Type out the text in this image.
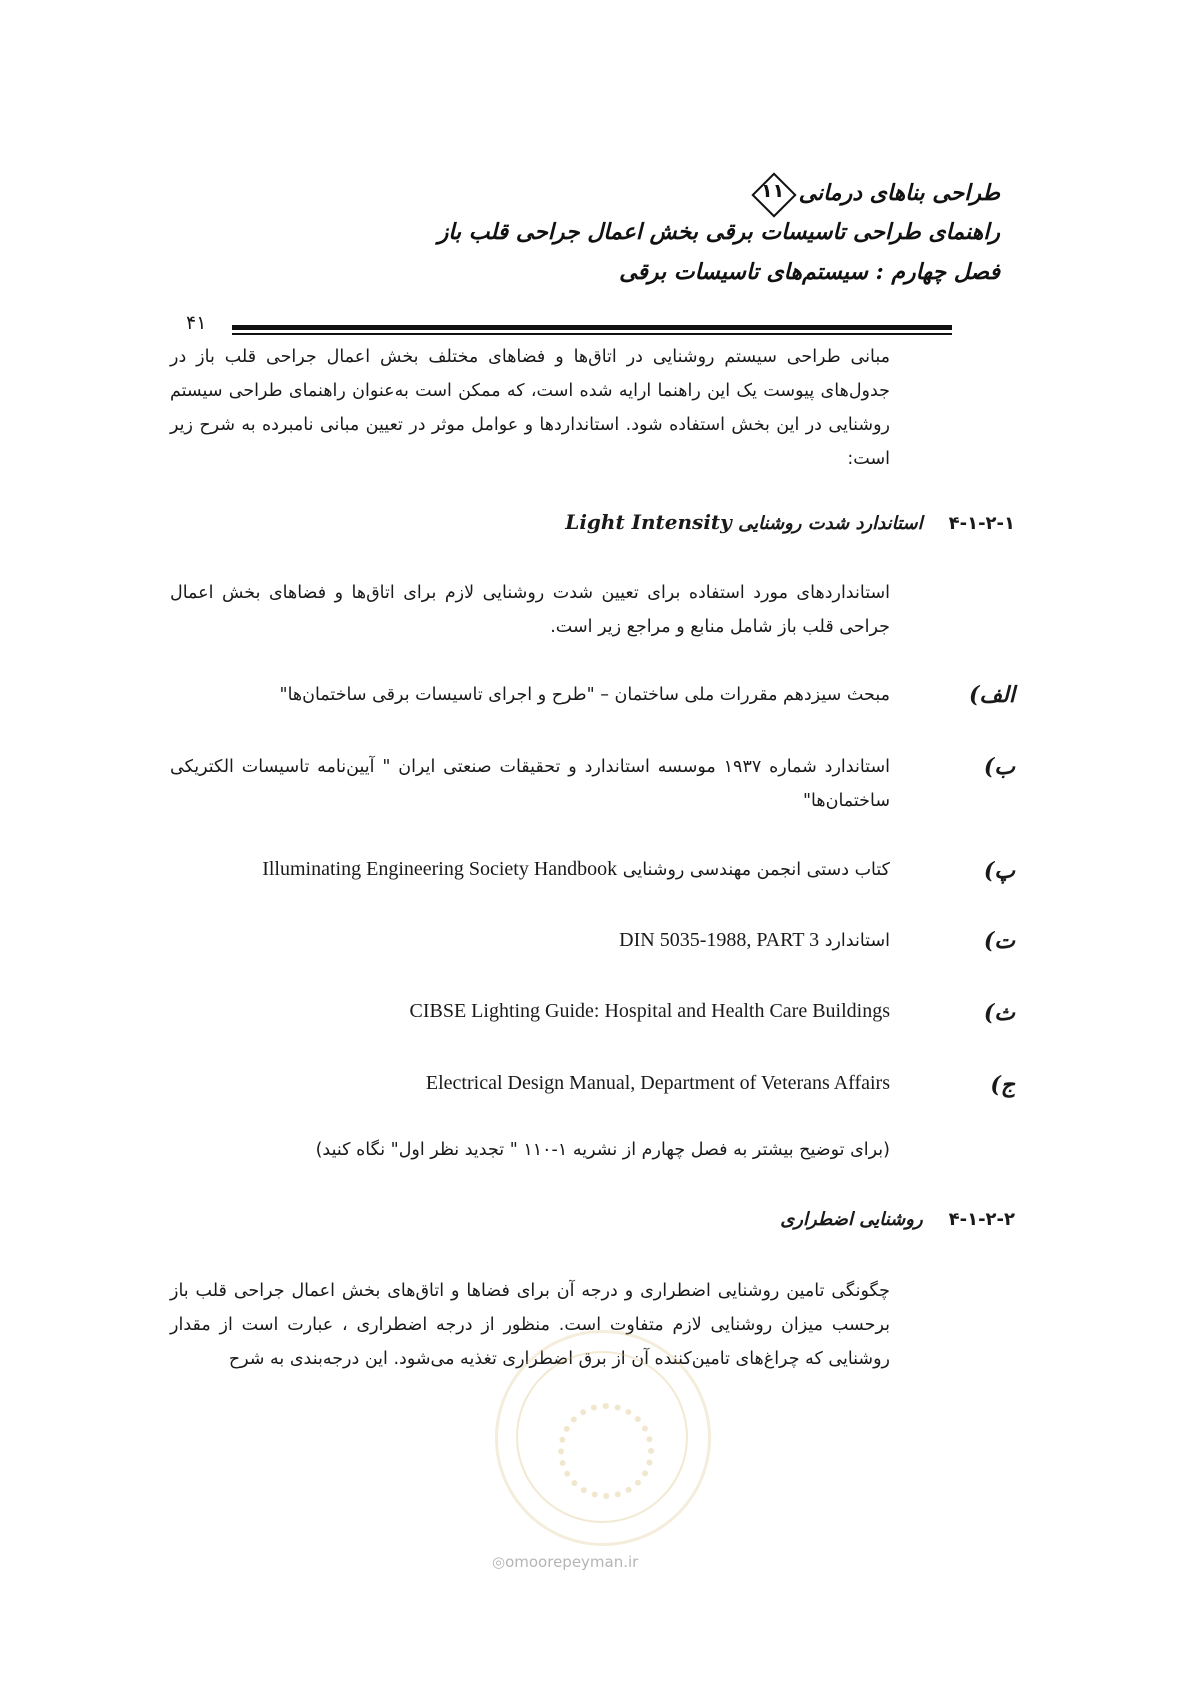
طراحی بناهای درمانی
۱۱
راهنمای طراحی تاسیسات برقی بخش اعمال جراحی قلب باز
فصل چهارم : سیستم‌های تاسیسات برقی
۴۱
مبانی طراحی سیستم روشنایی در اتاق‌ها و فضاهای مختلف بخش اعمال جراحی قلب باز در جدول‌های پیوست یک این راهنما ارایه شده است، که ممکن است به‌عنوان راهنمای طراحی سیستم روشنایی در این بخش استفاده شود. استانداردها و عوامل موثر در تعیین مبانی نامبرده به شرح زیر است:
۴-۱-۲-۱استاندارد شدت روشنایی Light Intensity
استانداردهای مورد استفاده برای تعیین شدت روشنایی لازم برای اتاق‌ها و فضاهای بخش اعمال جراحی قلب باز شامل منابع و مراجع زیر است.
الف)
مبحث سیزدهم مقررات ملی ساختمان – "طرح و اجرای تاسیسات برقی ساختمان‌ها"
ب)
استاندارد شماره ۱۹۳۷ موسسه استاندارد و تحقیقات صنعتی ایران " آیین‌نامه تاسیسات الکتریکی ساختمان‌ها"
پ)
کتاب دستی انجمن مهندسی روشنایی Illuminating Engineering Society Handbook
ت)
استاندارد DIN 5035-1988, PART 3
ث)
CIBSE Lighting Guide: Hospital and Health Care Buildings
ج)
Electrical Design Manual, Department of Veterans Affairs
(برای توضیح بیشتر به فصل چهارم از نشریه ۱-۱۱۰ " تجدید نظر اول" نگاه کنید)
۴-۱-۲-۲روشنایی اضطراری
چگونگی تامین روشنایی اضطراری و درجه آن برای فضاها و اتاق‌های بخش اعمال جراحی قلب باز برحسب میزان روشنایی لازم متفاوت است. منظور از درجه اضطراری ، عبارت است از مقدار روشنایی که چراغ‌های تامین‌کننده آن از برق اضطراری تغذیه می‌شود. این درجه‌بندی به شرح
◎omoorepeyman.ir
